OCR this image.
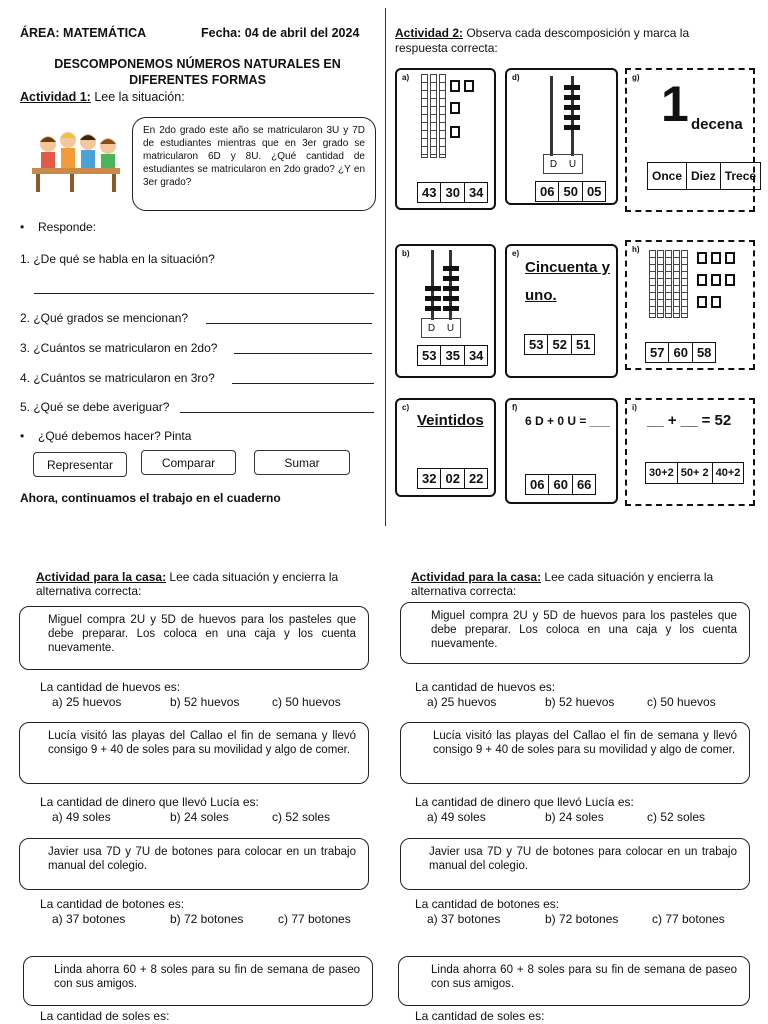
ÁREA: MATEMÁTICA	Fecha: 04 de abril del 2024
DESCOMPONEMOS NÚMEROS NATURALES EN
DIFERENTES FORMAS
Actividad 1: Lee la situación:
En 2do grado este año se matricularon 3U y 7D de estudiantes mientras que en 3er grado se matricularon 6D y 8U. ¿Qué cantidad de estudiantes se matricularon en 2do grado? ¿Y en 3er grado?
• Responde:
1. ¿De qué se habla en la situación?
2. ¿Qué grados se mencionan?
3. ¿Cuántos se matricularon en 2do?
4. ¿Cuántos se matricularon en 3ro?
5. ¿Qué se debe averiguar?
• ¿Qué debemos hacer? Pinta
Representar	Comparar	Sumar
Ahora, continuamos el trabajo en el cuaderno
Actividad 2: Observa cada descomposición y marca la respuesta correcta:
a)
43 30 34
d)
D U
06 50 05
g) 1 decena
Once Diez Trece
b)
D U
53 35 34
e)
Cincuenta y uno.
53 52 51
h)
57 60 58
c)
Veintidos
32 02 22
f)
6 D + 0 U = ___
06 60 66
i)
__ + __ = 52
30+2 50+ 2 40+2
Actividad para la casa: Lee cada situación y encierra la alternativa correcta:
Miguel compra 2U y 5D de huevos para los pasteles que debe preparar. Los coloca en una caja y los cuenta nuevamente.
La cantidad de huevos es:
a) 25 huevos	b) 52 huevos	c) 50 huevos
Lucía visitó las playas del Callao el fin de semana y llevó consigo 9 + 40 de soles para su movilidad y algo de comer.
La cantidad de dinero que llevó Lucía es:
a) 49 soles	b) 24 soles	c) 52 soles
Javier usa 7D y 7U de botones para colocar en un trabajo manual del colegio.
La cantidad de botones es:
a) 37 botones	b) 72 botones	c) 77 botones
Linda ahorra 60 + 8 soles para su fin de semana de paseo con sus amigos.
La cantidad de soles es:
Actividad para la casa: Lee cada situación y encierra la alternativa correcta:
Miguel compra 2U y 5D de huevos para los pasteles que debe preparar. Los coloca en una caja y los cuenta nuevamente.
La cantidad de huevos es:
a) 25 huevos	b) 52 huevos	c) 50 huevos
Lucía visitó las playas del Callao el fin de semana y llevó consigo 9 + 40 de soles para su movilidad y algo de comer.
La cantidad de dinero que llevó Lucía es:
a) 49 soles	b) 24 soles	c) 52 soles
Javier usa 7D y 7U de botones para colocar en un trabajo manual del colegio.
La cantidad de botones es:
a) 37 botones	b) 72 botones	c) 77 botones
Linda ahorra 60 + 8 soles para su fin de semana de paseo con sus amigos.
La cantidad de soles es:
